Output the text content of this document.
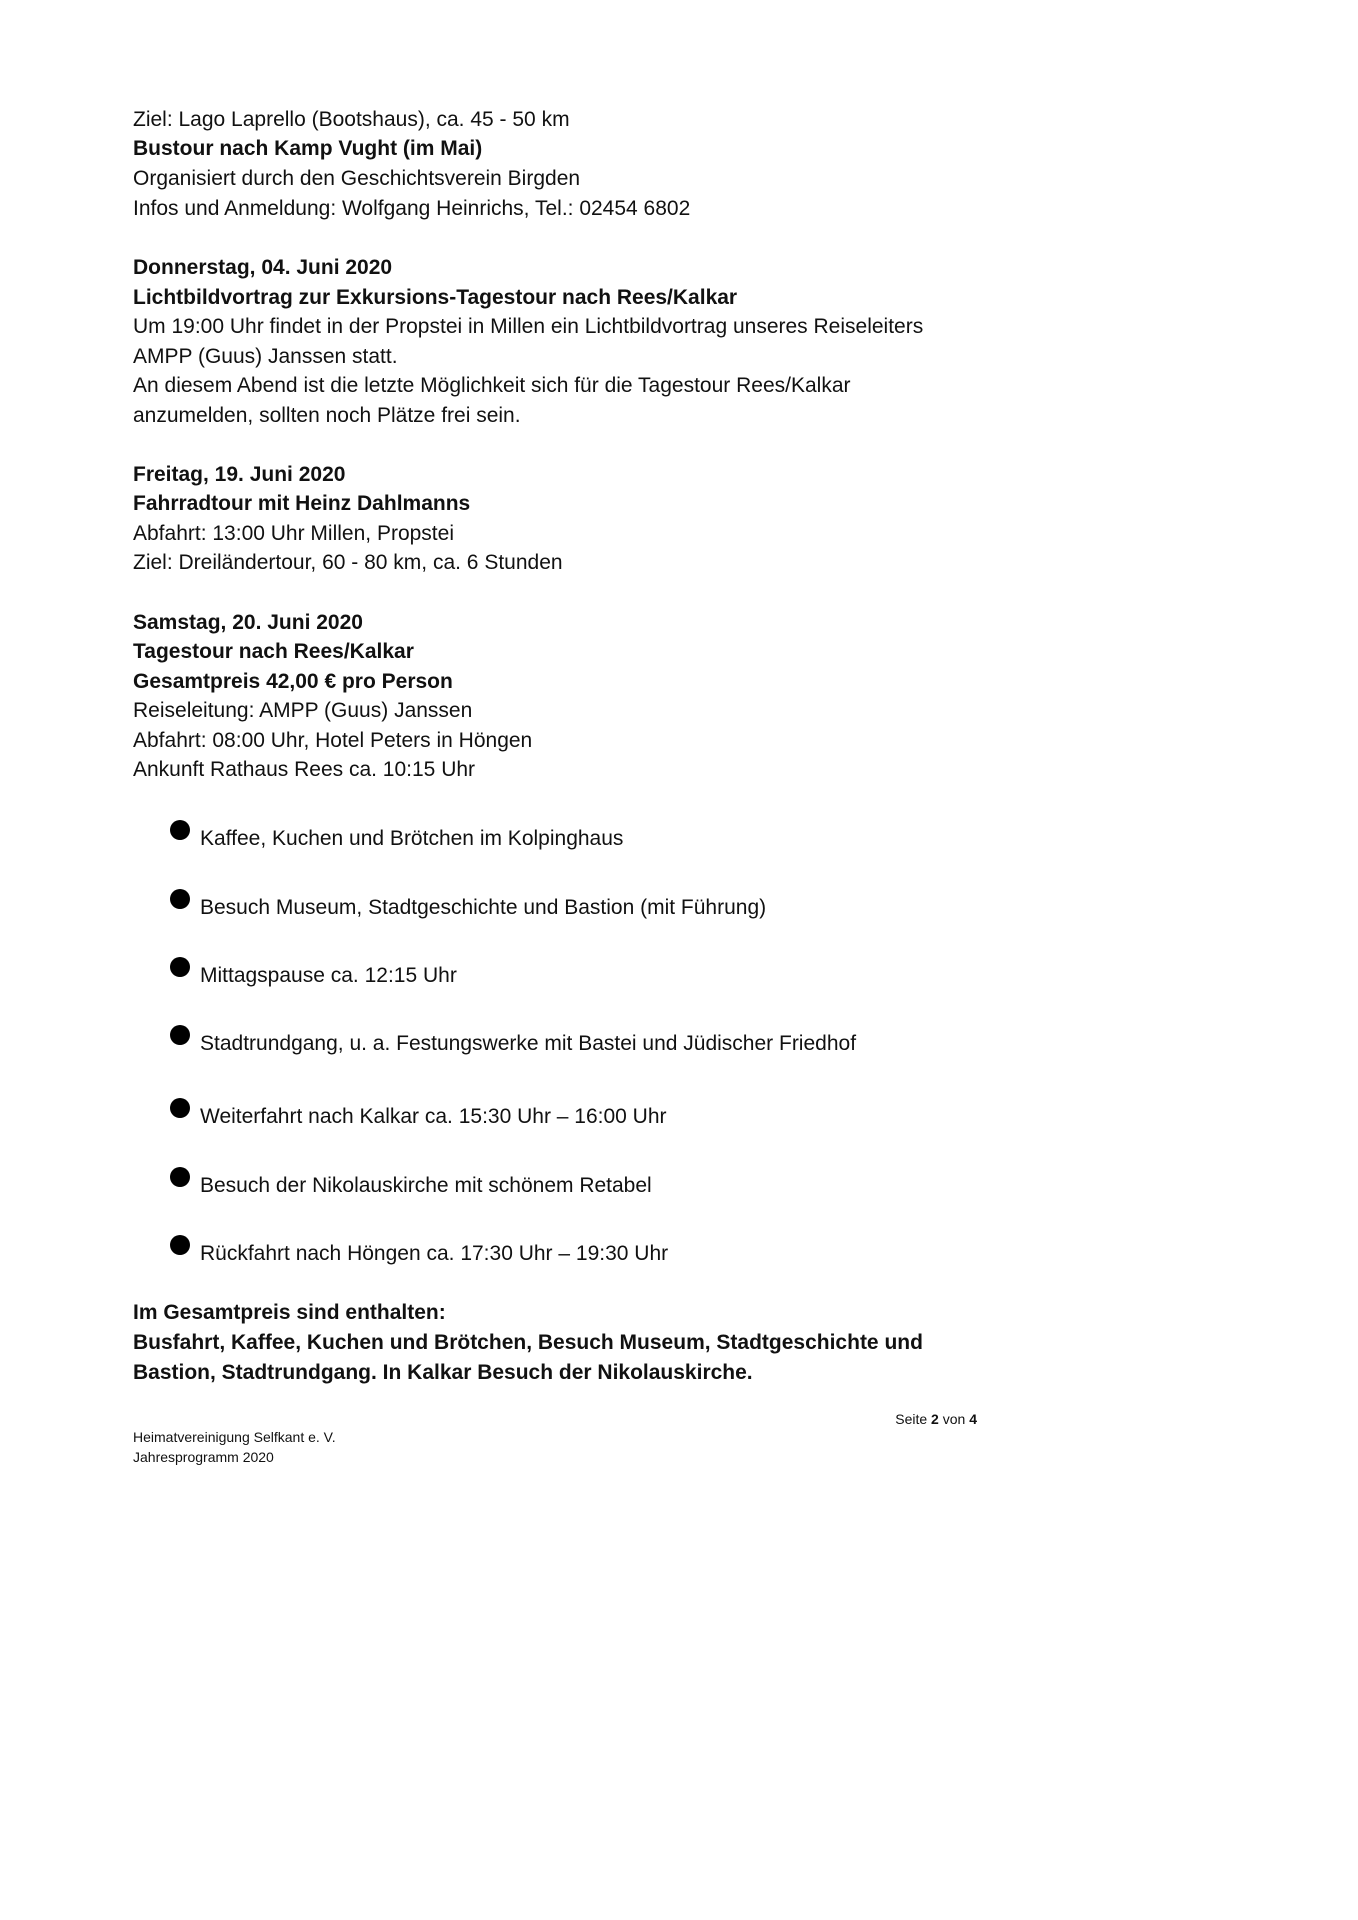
Ziel: Lago Laprello (Bootshaus), ca. 45 - 50 km
Bustour nach Kamp Vught (im Mai)
Organisiert durch den Geschichtsverein Birgden
Infos und Anmeldung: Wolfgang Heinrichs, Tel.: 02454 6802
Donnerstag, 04. Juni 2020
Lichtbildvortrag zur Exkursions-Tagestour nach Rees/Kalkar
Um 19:00 Uhr findet in der Propstei in Millen ein Lichtbildvortrag unseres Reiseleiters
AMPP (Guus) Janssen statt.
An diesem Abend ist die letzte Möglichkeit sich für die Tagestour Rees/Kalkar
anzumelden, sollten noch Plätze frei sein.
Freitag, 19. Juni 2020
Fahrradtour mit Heinz Dahlmanns
Abfahrt: 13:00 Uhr Millen, Propstei
Ziel: Dreiländertour, 60 - 80 km, ca. 6 Stunden
Samstag, 20. Juni 2020
Tagestour nach Rees/Kalkar
Gesamtpreis 42,00 € pro Person
Reiseleitung: AMPP (Guus) Janssen
Abfahrt: 08:00 Uhr, Hotel Peters in Höngen
Ankunft Rathaus Rees ca. 10:15 Uhr
Kaffee, Kuchen und Brötchen im Kolpinghaus
Besuch Museum, Stadtgeschichte und Bastion (mit Führung)
Mittagspause ca. 12:15 Uhr
Stadtrundgang, u. a. Festungswerke mit Bastei und Jüdischer Friedhof
Weiterfahrt nach Kalkar ca. 15:30 Uhr – 16:00 Uhr
Besuch der Nikolauskirche mit schönem Retabel
Rückfahrt nach Höngen ca. 17:30 Uhr – 19:30 Uhr
Im Gesamtpreis sind enthalten:
Busfahrt, Kaffee, Kuchen und Brötchen, Besuch Museum, Stadtgeschichte und
Bastion, Stadtrundgang. In Kalkar Besuch der Nikolauskirche.
Seite 2 von 4
Heimatvereinigung Selfkant e. V.
Jahresprogramm 2020
